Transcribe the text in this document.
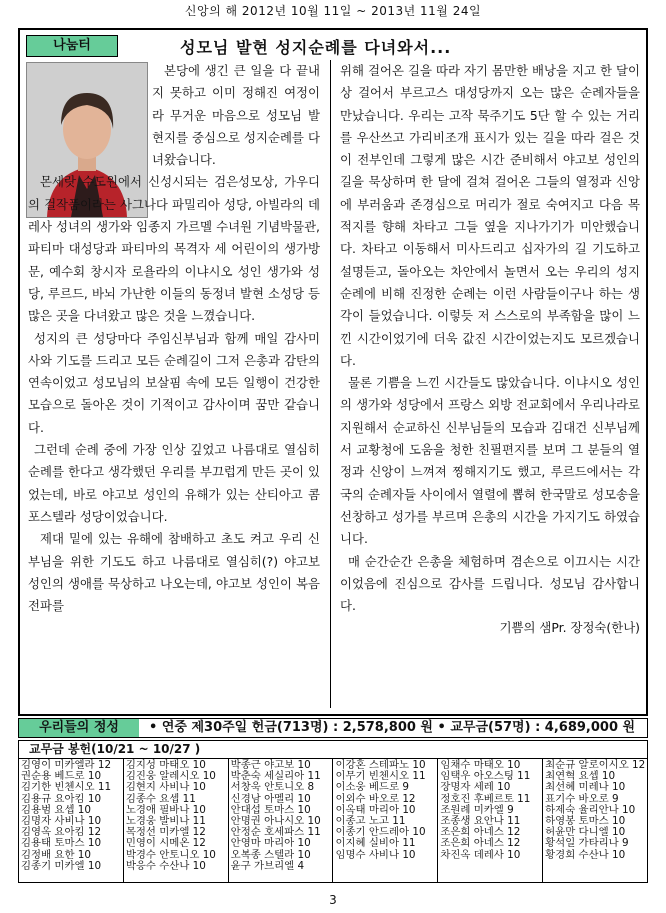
신앙의 해 2012년 10월 11일 ~ 2013년 11월 24일
나눔터	성모님 발현 성지순례를 다녀와서...

본당에 생긴 큰 일을 다 끝내지 못하고 이미 정해진 여정이라 무거운 마음으로 성모님 발현지를 중심으로 성지순례를 다녀왔습니다.

몬세랏 수도원에서 신성시되는 검은성모상, 가우디의 걸작품이라는 사그나다 파밀리아 성당, 아빌라의 데레사 성녀의 생가와 임종지 가르멜 수녀원 기념박물관, 파티마 대성당과 파티마의 목격자 세 어린이의 생가방문, 예수회 창시자 로욜라의 이냐시오 성인 생가와 성당, 루르드, 바뇌 가난한 이들의 동정녀 발현 소성당 등 많은 곳을 다녀왔고 많은 것을 느꼈습니다.

성지의 큰 성당마다 주임신부님과 함께 매일 감사미사와 기도를 드리고 모든 순례길이 그저 은총과 감탄의 연속이었고 성모님의 보살핌 속에 모든 일행이 건강한 모습으로 돌아온 것이 기적이고 감사이며 꿈만 같습니다.

그런데 순례 중에 가장 인상 깊었고 나름대로 열심히 순례를 한다고 생각했던 우리를 부끄럽게 만든 곳이 있었는데, 바로 야고보 성인의 유해가 있는 산티아고 콤포스텔라 성당이었습니다.

제대 밑에 있는 유해에 참배하고 초도 켜고 우리 신부님을 위한 기도도 하고 나름대로 열심히(?) 야고보 성인의 생애를 묵상하고 나오는데, 야고보 성인이 복음 전파를

위해 걸어온 길을 따라 자기 몸만한 배낭을 지고 한 달이상 걸어서 부르고스 대성당까지 오는 많은 순례자들을 만났습니다. 우리는 고작 묵주기도 5단 할 수 있는 거리를 우산쓰고 가리비조개 표시가 있는 길을 따라 걸은 것이 전부인데 그렇게 많은 시간 준비해서 야고보 성인의 길을 묵상하며 한 달에 걸쳐 걸어온 그들의 열정과 신앙에 부러움과 존경심으로 머리가 절로 숙여지고 다음 목적지를 향해 차타고 그들 옆을 지나가기가 미안했습니다. 차타고 이동해서 미사드리고 십자가의 길 기도하고 설명듣고, 돌아오는 차안에서 놀면서 오는 우리의 성지순례에 비해 진정한 순례는 이런 사람들이구나 하는 생각이 들었습니다. 이렇듯 저 스스로의 부족함을 많이 느낀 시간이었기에 더욱 값진 시간이었는지도 모르겠습니다.

물론 기쁨을 느낀 시간들도 많았습니다. 이냐시오 성인의 생가와 성당에서 프랑스 외방 전교회에서 우리나라로 지원해서 순교하신 신부님들의 모습과 김대건 신부님께서 교황청에 도움을 청한 친필편지를 보며 그 분들의 열정과 신앙이 느껴져 찡해지기도 했고, 루르드에서는 각국의 순례자들 사이에서 열렬에 뽑혀 한국말로 성모송을 선창하고 성가를 부르며 은총의 시간을 가지기도 하였습니다.

매 순간순간 은총을 체험하며 겸손으로 이끄시는 시간이었음에 진심으로 감사를 드립니다. 성모님 감사합니다.

기쁨의 샘Pr. 장정숙(한나)

우리들의 정성	• 연중 제30주일 헌금(713명) : 2,578,800 원 • 교무금(57명) : 4,689,000 원
교무금 봉헌(10/21 ~ 10/27 )
김영이 미카엘라 12
권순용 베드로 10
김기한 빈첸시오 11
김용규 요아킴 10
김용범 요셉 10
김명자 사비나 10
김영옥 요아킴 12
김용태 토마스 10
김정배 요한 10
김종기 미카엘 10
김지성 마태오 10
김진웅 알레시오 10
김현지 사비나 10
김종수 요셉 11
노경애 필바나 10
노경웅 발비나 11
목정선 미카엘 12
민영이 시메온 12
박경수 안토니오 10
박응수 수산나 10
박종근 야고보 10
박춘숙 세실리아 11
서창욱 안토니오 8
신경남 아멜리 10
안대섭 토마스 10
안명권 아나시오 10
안정순 호세파스 11
안영마 마리아 10
오복종 스텔라 10
윤구 가브리엘 4
이강혼 스테파노 10
이무기 빈첸시오 11
이소웅 베드로 9
이외수 바오로 12
이옥태 마리아 10
이종고 노고 11
이종기 안드레아 10
이지혜 실비아 11
임명수 사비나 10
임채수 마태오 10
임택우 아오스팅 11
장명자 세레 10
정호진 후베르토 11
조원례 미카엘 9
조종생 요안나 11
조은희 아네스 12
조은희 아네스 12
차진옥 데레사 10
최순규 알로이시오 12
최연혁 요셉 10
최선혜 미레나 10
표기수 바오로 9
하제숙 율리안나 10
하영봉 토마스 10
허윤만 다니엘 10
황석일 가타리나 9
황경희 수산나 10
3
